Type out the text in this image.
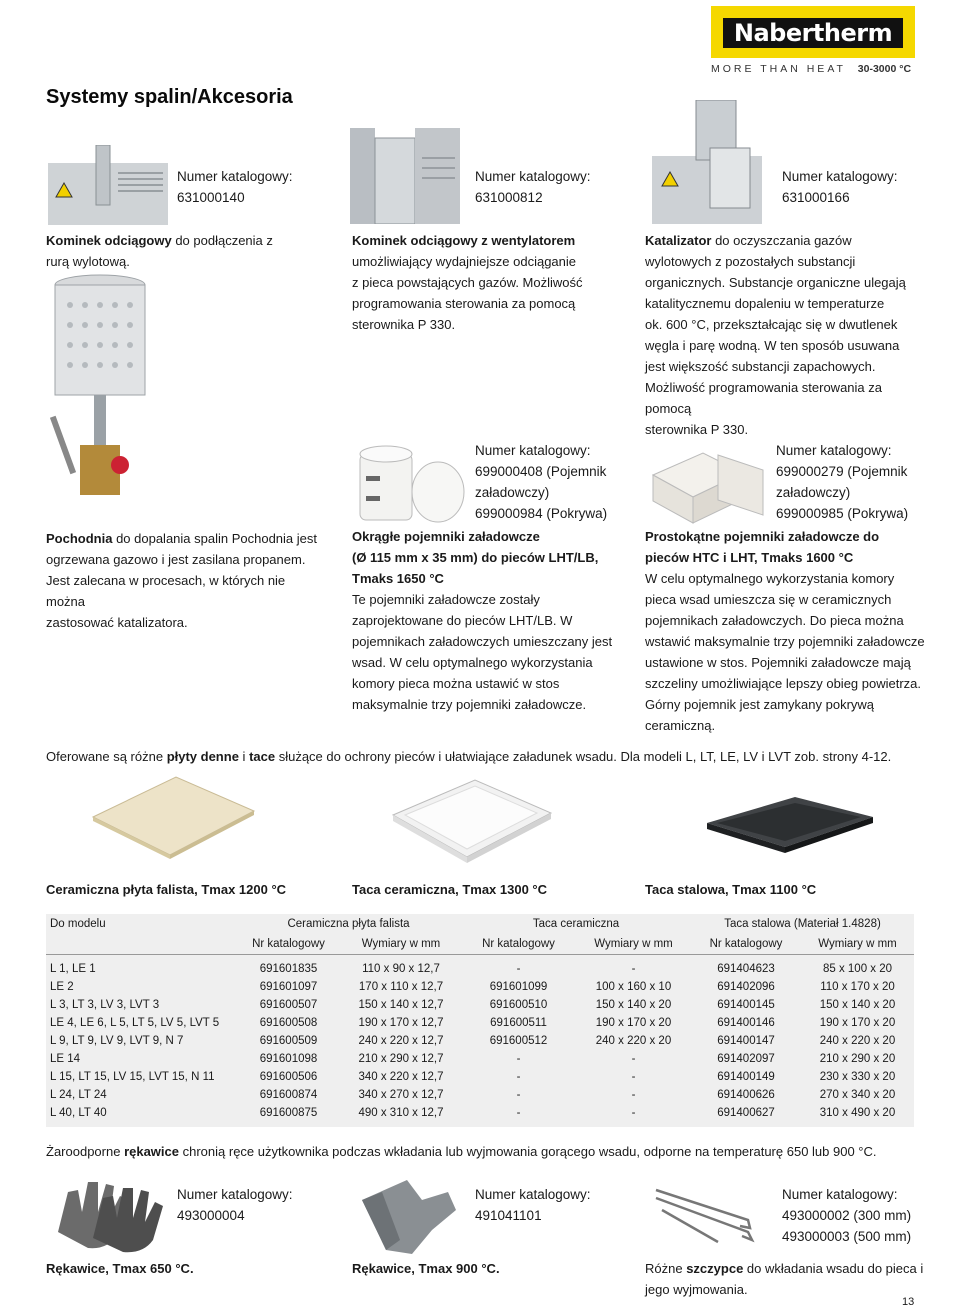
Nabertherm
MORE THAN HEAT 30-3000 °C
Systemy spalin/Akcesoria
Numer katalogowy:
631000140
Numer katalogowy:
631000812
Numer katalogowy:
631000166
Kominek odciągowy do podłączenia z
rurą wylotową.
Kominek odciągowy z wentylatorem
umożliwiający wydajniejsze odciąganie
z pieca powstających gazów. Możliwość
programowania sterowania za pomocą
sterownika P 330.
Katalizator do oczyszczania gazów
wylotowych z pozostałych substancji
organicznych. Substancje organiczne ulegają
katalitycznemu dopaleniu w temperaturze
ok. 600 °C, przekształcając się w dwutlenek
węgla i parę wodną. W ten sposób usuwana
jest większość substancji zapachowych.
Możliwość programowania sterowania za pomocą
sterownika P 330.
Pochodnia do dopalania spalin Pochodnia jest
ogrzewana gazowo i jest zasilana propanem.
Jest zalecana w procesach, w których nie można
zastosować katalizatora.
Numer katalogowy:
699000408 (Pojemnik
załadowczy)
699000984 (Pokrywa)
Okrągłe pojemniki załadowcze
(Ø 115 mm x 35 mm) do pieców LHT/LB,
Tmaks 1650 °C
Te pojemniki załadowcze zostały
zaprojektowane do pieców LHT/LB. W
pojemnikach załadowczych umieszczany jest
wsad. W celu optymalnego wykorzystania
komory pieca można ustawić w stos
maksymalnie trzy pojemniki załadowcze.
Numer katalogowy:
699000279 (Pojemnik
załadowczy)
699000985 (Pokrywa)
Prostokątne pojemniki załadowcze do
pieców HTC i LHT, Tmaks 1600 °C
W celu optymalnego wykorzystania komory
pieca wsad umieszcza się w ceramicznych
pojemnikach załadowczych. Do pieca można
wstawić maksymalnie trzy pojemniki załadowcze
ustawione w stos. Pojemniki załadowcze mają
szczeliny umożliwiające lepszy obieg powietrza.
Górny pojemnik jest zamykany pokrywą
ceramiczną.
Oferowane są różne płyty denne i tace służące do ochrony pieców i ułatwiające załadunek wsadu. Dla modeli L, LT, LE, LV i LVT zob. strony 4-12.
Ceramiczna płyta falista, Tmax 1200 °C	Taca ceramiczna, Tmax 1300 °C	Taca stalowa, Tmax 1100 °C
Do modelu	Ceramiczna płyta falista		Taca ceramiczna		Taca stalowa (Materiał 1.4828)	
	Nr katalogowy	Wymiary w mm	Nr katalogowy	Wymiary w mm	Nr katalogowy	Wymiary w mm

L 1, LE 1	691601835	110 x 90 x 12,7	-	-	691404623	85 x 100 x 20
LE 2	691601097	170 x 110 x 12,7	691601099	100 x 160 x 10	691402096	110 x 170 x 20
L 3, LT 3, LV 3, LVT 3	691600507	150 x 140 x 12,7	691600510	150 x 140 x 20	691400145	150 x 140 x 20
LE 4, LE 6, L 5, LT 5, LV 5, LVT 5	691600508	190 x 170 x 12,7	691600511	190 x 170 x 20	691400146	190 x 170 x 20
L 9, LT 9, LV 9, LVT 9, N 7	691600509	240 x 220 x 12,7	691600512	240 x 220 x 20	691400147	240 x 220 x 20
LE 14	691601098	210 x 290 x 12,7	-	-	691402097	210 x 290 x 20
L 15, LT 15, LV 15, LVT 15, N 11	691600506	340 x 220 x 12,7	-	-	691400149	230 x 330 x 20
L 24, LT 24	691600874	340 x 270 x 12,7	-	-	691400626	270 x 340 x 20
L 40, LT 40	691600875	490 x 310 x 12,7	-	-	691400627	310 x 490 x 20

Żaroodporne rękawice chronią ręce użytkownika podczas wkładania lub wyjmowania gorącego wsadu, odporne na temperaturę 650 lub 900 °C.
Numer katalogowy:
493000004
Numer katalogowy:
491041101
Numer katalogowy:
493000002 (300 mm)
493000003 (500 mm)
Rękawice, Tmax 650 °C.	Rękawice, Tmax 900 °C.	Różne szczypce do wkładania wsadu do pieca i
jego wyjmowania.
13
